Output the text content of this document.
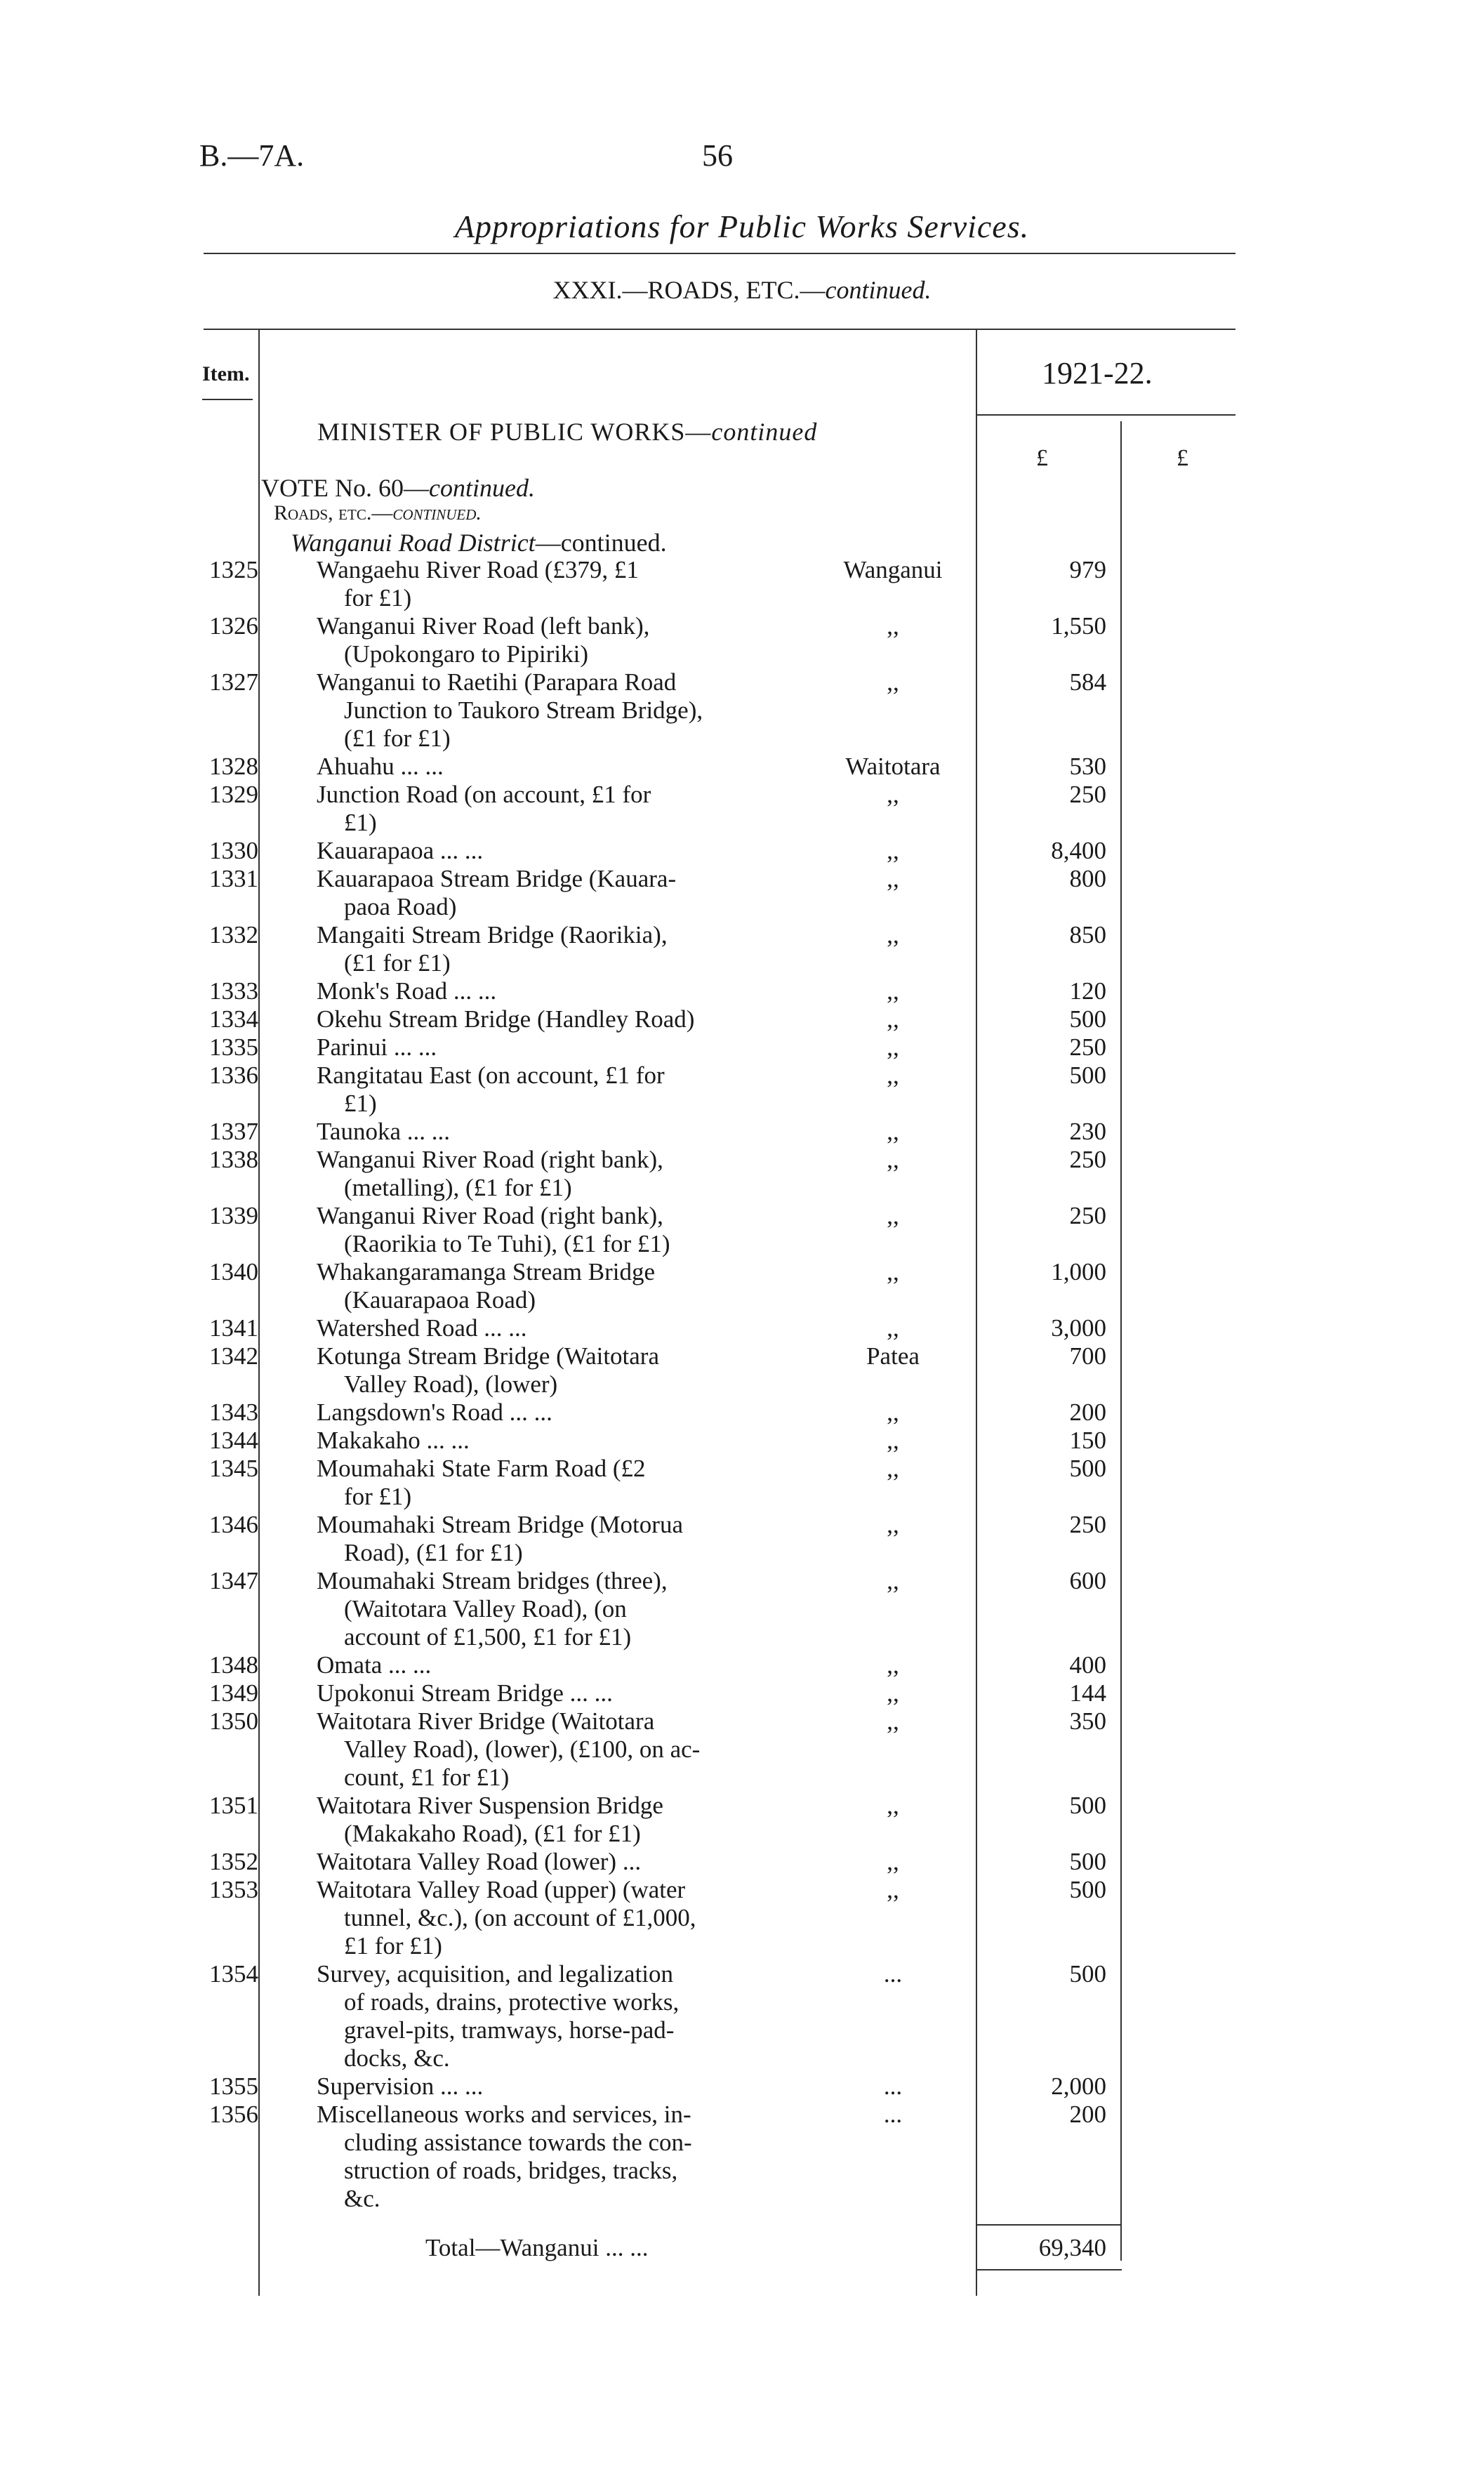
B.—7A.	56
Appropriations for Public Works Services.
XXXI.—ROADS, ETC.—continued.
Item.	1921-22.
£	£
MINISTER OF PUBLIC WORKS—continued
VOTE No. 60—continued.
Roads, etc.—continued.
Wanganui Road District—continued.
1325 Wangaehu River Road (£379, £1
for £1)
Wanganui	979
1326 Wanganui River Road (left bank),
(Upokongaro to Pipiriki)
,,	1,550
1327 Wanganui to Raetihi (Parapara Road
Junction to Taukoro Stream Bridge),
(£1 for £1)
,,	584
1328 Ahuahu ... ...	Waitotara	530
1329 Junction Road (on account, £1 for
£1)
,,	250
1330 Kauarapaoa ... ...	,,	8,400
1331 Kauarapaoa Stream Bridge (Kauara-
paoa Road)
,,	800
1332 Mangaiti Stream Bridge (Raorikia),
(£1 for £1)
,,	850
1333 Monk's Road ... ...	,,	120
1334 Okehu Stream Bridge (Handley Road)	,,	500
1335 Parinui ... ...	,,	250
1336 Rangitatau East (on account, £1 for
£1)
,,	500
1337 Taunoka ... ...	,,	230
1338 Wanganui River Road (right bank),
(metalling), (£1 for £1)
,,	250
1339 Wanganui River Road (right bank),
(Raorikia to Te Tuhi), (£1 for £1)
,,	250
1340 Whakangaramanga Stream Bridge
(Kauarapaoa Road)
,,	1,000
1341 Watershed Road ... ...	,,	3,000
1342 Kotunga Stream Bridge (Waitotara
Valley Road), (lower)
Patea	700
1343 Langsdown's Road ... ...	,,	200
1344 Makakaho ... ...	,,	150
1345 Moumahaki State Farm Road (£2
for £1)
,,	500
1346 Moumahaki Stream Bridge (Motorua
Road), (£1 for £1)
,,	250
1347 Moumahaki Stream bridges (three),
(Waitotara Valley Road), (on
account of £1,500, £1 for £1)
,,	600
1348 Omata ... ...	,,	400
1349 Upokonui Stream Bridge ... ...	,,	144
1350 Waitotara River Bridge (Waitotara
Valley Road), (lower), (£100, on ac-
count, £1 for £1)
,,	350
1351 Waitotara River Suspension Bridge
(Makakaho Road), (£1 for £1)
,,	500
1352 Waitotara Valley Road (lower) ...	,,	500
1353 Waitotara Valley Road (upper) (water
tunnel, &c.), (on account of £1,000,
£1 for £1)
,,	500
1354 Survey, acquisition, and legalization
of roads, drains, protective works,
gravel-pits, tramways, horse-pad-
docks, &c.
...	500
1355 Supervision ... ...	...	2,000
1356 Miscellaneous works and services, in-
cluding assistance towards the con-
struction of roads, bridges, tracks,
&c.
...	200
Total—Wanganui ... ...	69,340
